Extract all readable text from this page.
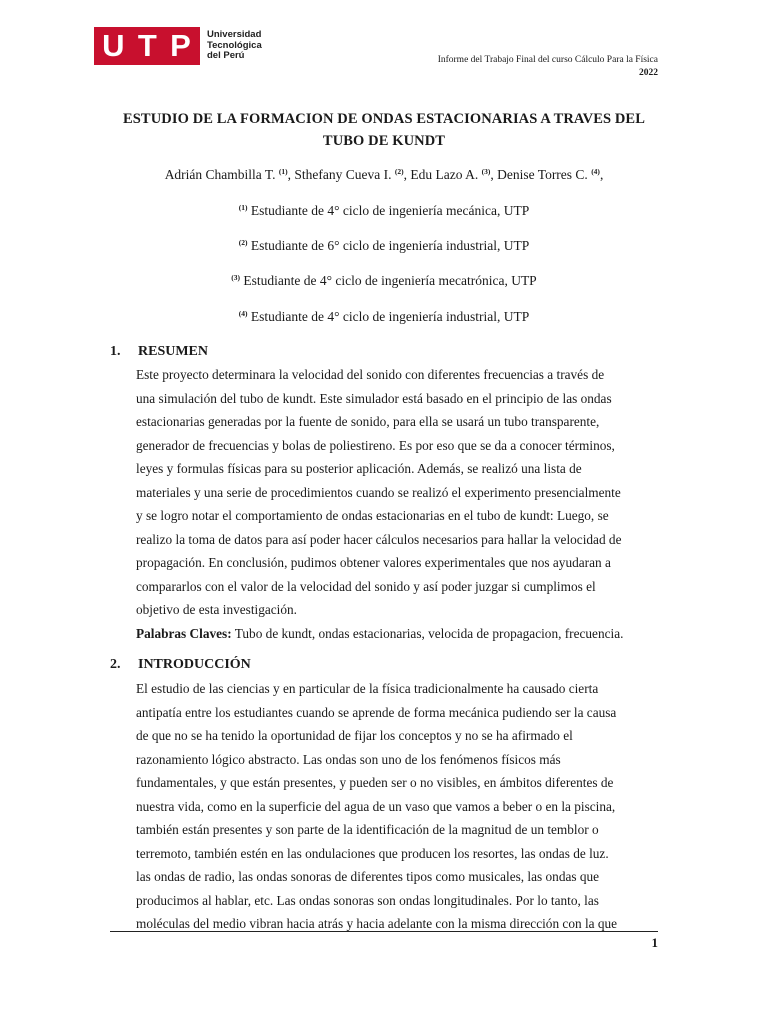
U T P Universidad
Tecnológica
del Perú	Informe del Trabajo Final del curso Cálculo Para la Física
2022
ESTUDIO DE LA FORMACION DE ONDAS ESTACIONARIAS A TRAVES DEL
TUBO DE KUNDT
Adrián Chambilla T. $^{(1)}$, Sthefany Cueva I. $^{(2)}$, Edu Lazo A. $^{(3)}$, Denise Torres C. $^{(4)}$,
$^{(1)}$ Estudiante de 4° ciclo de ingeniería mecánica, UTP
$^{(2)}$ Estudiante de 6° ciclo de ingeniería industrial, UTP
$^{(3)}$ Estudiante de 4° ciclo de ingeniería mecatrónica, UTP
$^{(4)}$ Estudiante de 4° ciclo de ingeniería industrial, UTP
1. RESUMEN
Este proyecto determinara la velocidad del sonido con diferentes frecuencias a través de
una simulación del tubo de kundt. Este simulador está basado en el principio de las ondas
estacionarias generadas por la fuente de sonido, para ella se usará un tubo transparente,
generador de frecuencias y bolas de poliestireno. Es por eso que se da a conocer términos,
leyes y formulas físicas para su posterior aplicación. Además, se realizó una lista de
materiales y una serie de procedimientos cuando se realizó el experimento presencialmente
y se logro notar el comportamiento de ondas estacionarias en el tubo de kundt: Luego, se
realizo la toma de datos para así poder hacer cálculos necesarios para hallar la velocidad de
propagación. En conclusión, pudimos obtener valores experimentales que nos ayudaran a
compararlos con el valor de la velocidad del sonido y así poder juzgar si cumplimos el
objetivo de esta investigación.
Palabras Claves: Tubo de kundt, ondas estacionarias, velocida de propagacion, frecuencia.
2. INTRODUCCIÓN
El estudio de las ciencias y en particular de la física tradicionalmente ha causado cierta
antipatía entre los estudiantes cuando se aprende de forma mecánica pudiendo ser la causa
de que no se ha tenido la oportunidad de fijar los conceptos y no se ha afirmado el
razonamiento lógico abstracto. Las ondas son uno de los fenómenos físicos más
fundamentales, y que están presentes, y pueden ser o no visibles, en ámbitos diferentes de
nuestra vida, como en la superficie del agua de un vaso que vamos a beber o en la piscina,
también están presentes y son parte de la identificación de la magnitud de un temblor o
terremoto, también estén en las ondulaciones que producen los resortes, las ondas de luz.
las ondas de radio, las ondas sonoras de diferentes tipos como musicales, las ondas que
producimos al hablar, etc. Las ondas sonoras son ondas longitudinales. Por lo tanto, las
moléculas del medio vibran hacia atrás y hacia adelante con la misma dirección con la que
1
